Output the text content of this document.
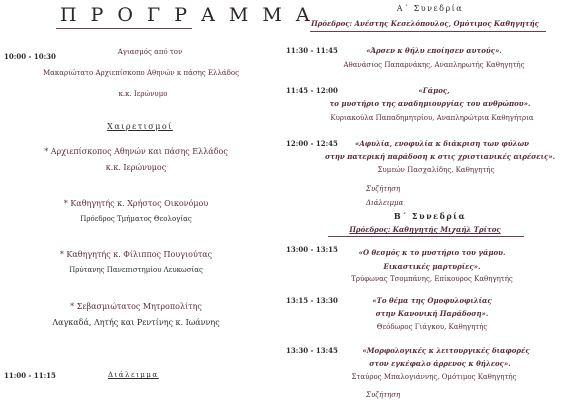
Π Ρ Ο Γ Ρ Α Μ Μ Α
10:00 - 10:30	Αγιασμός από τον
Μακαριώτατο Αρχιεπίσκοπο Αθηνών κ πάσης Ελλάδος
κ.κ. Ιερώνυμο
Χαιρετισμοί
* Αρχιεπίσκοπος Αθηνών και πάσης Ελλάδος
κ.κ. Ιερώνυμος
* Καθηγητής κ. Χρήστος Οικονόμου
Πρόεδρος Τμήματος Θεολογίας
* Καθηγητής κ. Φίλιππος Πουγιούτας
Πρύτανης Πανεπιστημίου Λευκωσίας
* Σεβασμιώτατος Μητροπολίτης
Λαγκαδά, Λητής και Ρεντίνης κ. Ιωάννης
11:00 - 11:15	Διάλειμμα
Α΄ Συνεδρία
Πρόεδρος: Ανέστης Κεσελόπουλος, Ομότιμος Καθηγητής
11:30 - 11:45	«Άρσεν κ θήλυ εποίησεν αυτούς».
Αθανάσιος Παπαρνάκης, Αναπληρωτής Καθηγητής
11:45 - 12:00	«Γάμος,
το μυστήριο της αναδημιουργίας του ανθρώπου».
Κυριακούλα Παπαδημητρίου, Αναπληρώτρια Καθηγήτρια
12:00 - 12:45 «Αφυλία, ενοφυλία κ διάκριση των φύλων
στην πατερική παράδοση κ στις χριστιανικές αιρέσεις».
Συμεών Πασχαλίδης, Καθηγητής
Συζήτηση
Διάλειμμα
Β΄ Συνεδρία
Πρόεδρος: Καθηγητής Μιχαήλ Τρίτος
13:00 - 13:15	«Ο θεσμός κ το μυστήριο του γάμου.
Εικαστικές μαρτυρίες».
Τρύφωνας Τσομπάνης, Επίκουρος Καθηγητής
13:15 - 13:30	«Το θέμα της Ομοφυλοφιλίας
στην Κανονική Παράδοση».
Θεόδωρος Γιάγκου, Καθηγητής
13:30 - 13:45	«Μορφολογικές κ λειτουργικές διαφορές
στον εγκέφαλο άρρενος κ θήλεος».
Σταύρος Μπαλογιάννης, Ομότιμος Καθηγητής
Συζήτηση
